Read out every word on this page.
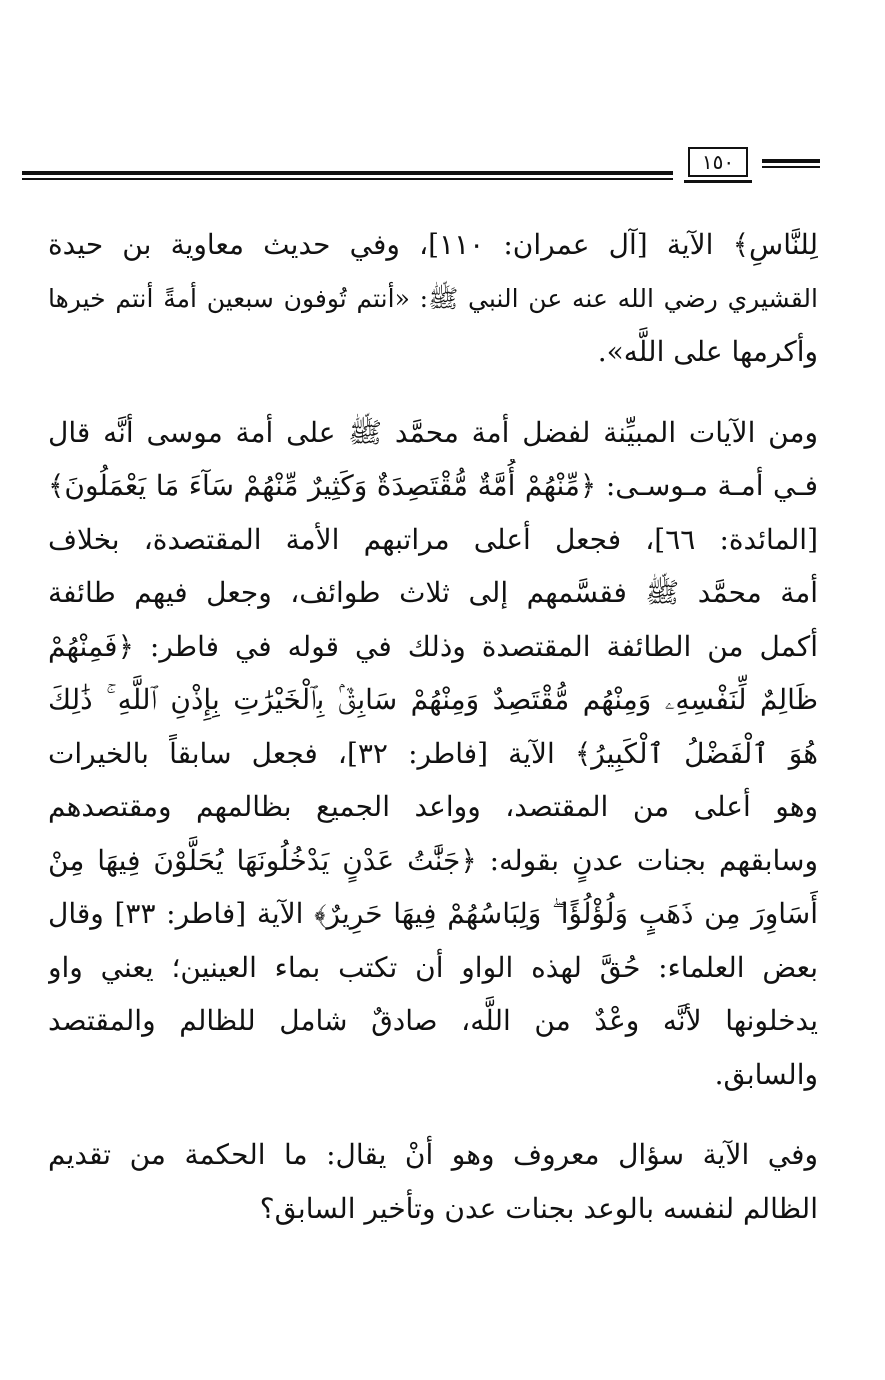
١٥٠
لِلنَّاسِ﴾ الآية [آل عمران: ١١٠]، وفي حديث معاوية بن حيدة
القشيري رضي الله عنه عن النبي ﷺ: «أنتم تُوفون سبعين أمةً أنتم خيرها
وأكرمها على اللَّه».
ومن الآيات المبيِّنة لفضل أمة محمَّد ﷺ على أمة موسى أنَّه قال
فـي أمـة مـوسـى: ﴿مِّنْهُمْ أُمَّةٌ مُّقْتَصِدَةٌ وَكَثِيرٌ مِّنْهُمْ سَآءَ مَا يَعْمَلُونَ﴾
[المائدة: ٦٦]، فجعل أعلى مراتبهم الأمة المقتصدة، بخلاف
أمة محمَّد ﷺ فقسَّمهم إلى ثلاث طوائف، وجعل فيهم طائفة
أكمل من الطائفة المقتصدة وذلك في قوله في فاطر: ﴿فَمِنْهُمْ
ظَالِمٌ لِّنَفْسِهِۦ وَمِنْهُم مُّقْتَصِدٌ وَمِنْهُمْ سَابِقٌۢ بِٱلْخَيْرَٰتِ بِإِذْنِ ٱللَّهِ ۚ ذَٰلِكَ
هُوَ ٱلْفَضْلُ ٱلْكَبِيرُ﴾ الآية [فاطر: ٣٢]، فجعل سابقاً بالخيرات
وهو أعلى من المقتصد، وواعد الجميع بظالمهم ومقتصدهم
وسابقهم بجنات عدنٍ بقوله: ﴿جَنَّٰتُ عَدْنٍ يَدْخُلُونَهَا يُحَلَّوْنَ فِيهَا مِنْ
أَسَاوِرَ مِن ذَهَبٍ وَلُؤْلُؤًا ۖ وَلِبَاسُهُمْ فِيهَا حَرِيرٌ﴾ الآية [فاطر: ٣٣] وقال
بعض العلماء: حُقَّ لهذه الواو أن تكتب بماء العينين؛ يعني واو
يدخلونها لأنَّه وعْدٌ من اللَّه، صادقٌ شامل للظالم والمقتصد
والسابق.
وفي الآية سؤال معروف وهو أنْ يقال: ما الحكمة من تقديم
الظالم لنفسه بالوعد بجنات عدن وتأخير السابق؟
